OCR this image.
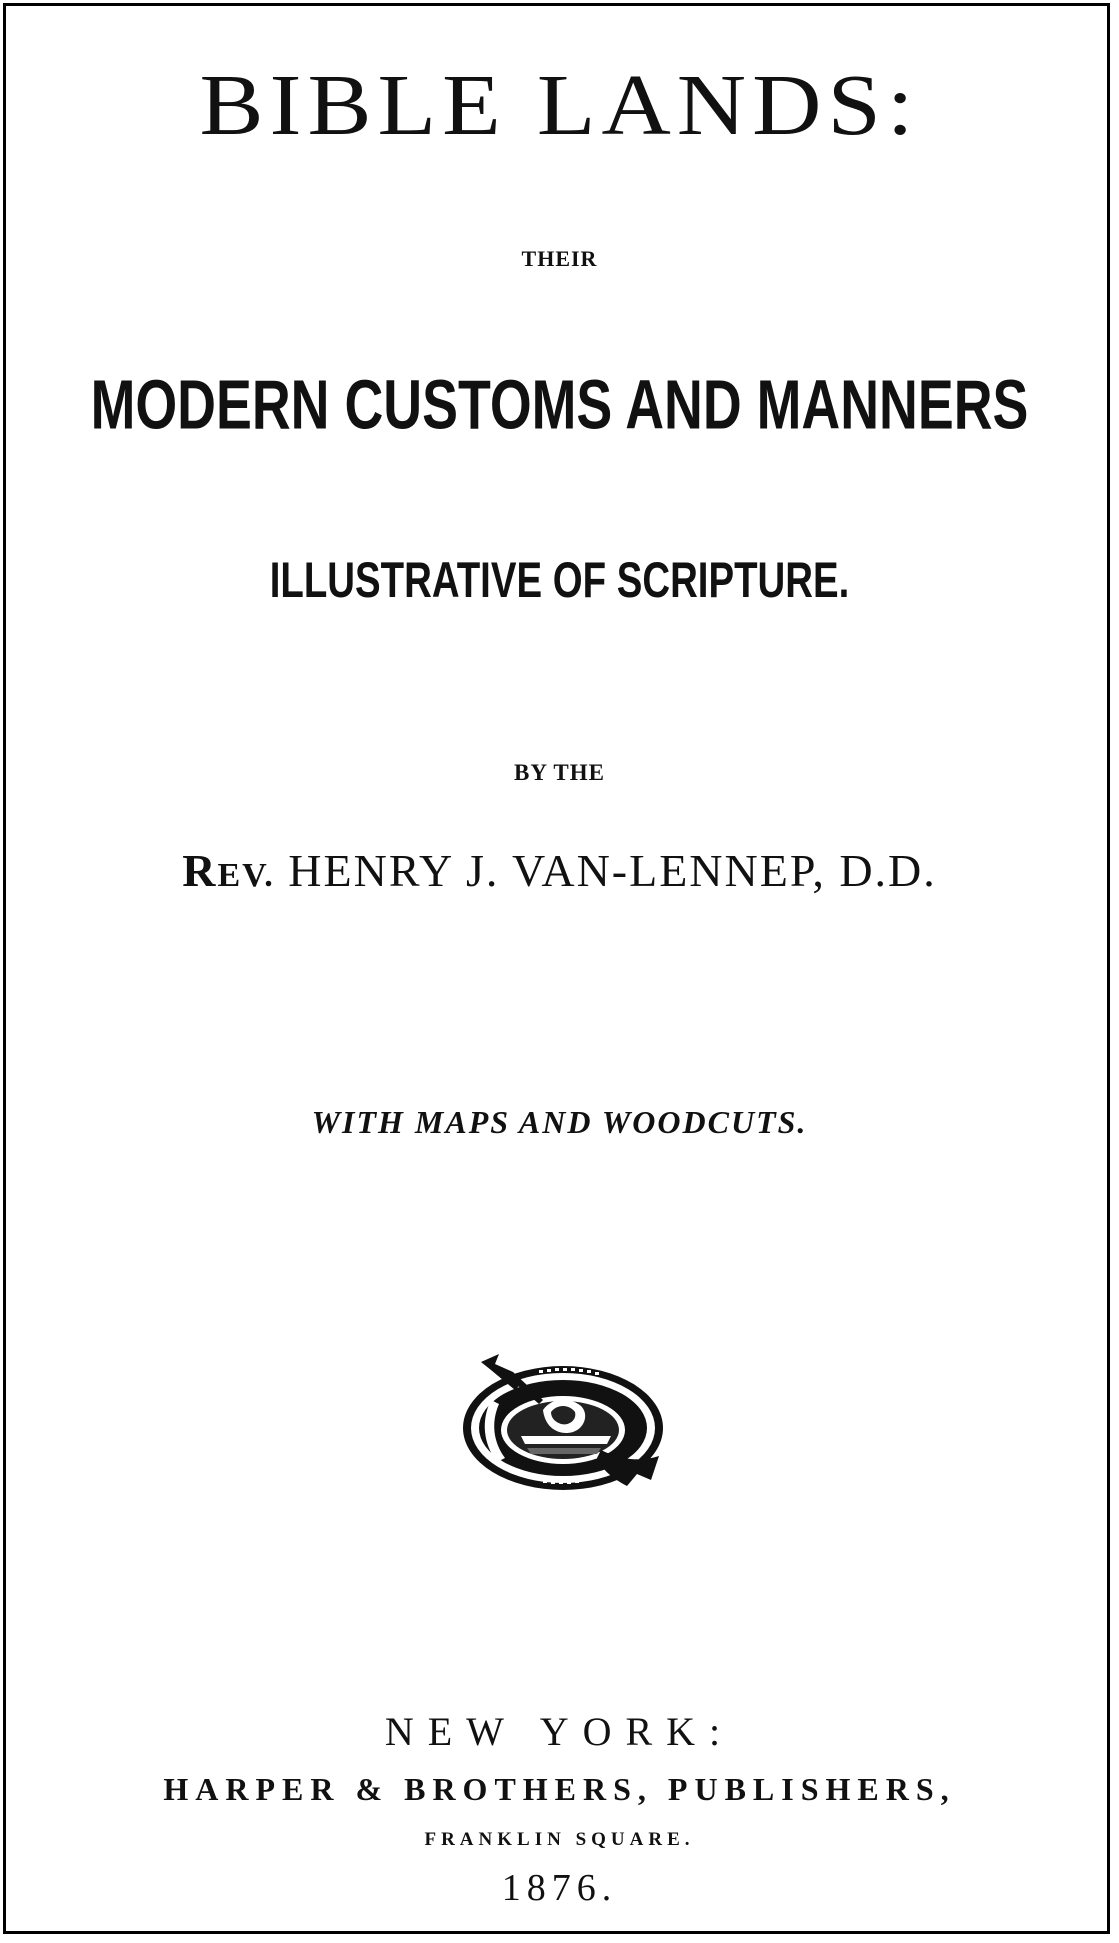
BIBLE LANDS:
THEIR
MODERN CUSTOMS AND MANNERS
ILLUSTRATIVE OF SCRIPTURE.
BY THE
REV. HENRY J. VAN-LENNEP, D.D.
WITH MAPS AND WOODCUTS.
NEW YORK:
HARPER & BROTHERS, PUBLISHERS,
FRANKLIN SQUARE.
1876.
